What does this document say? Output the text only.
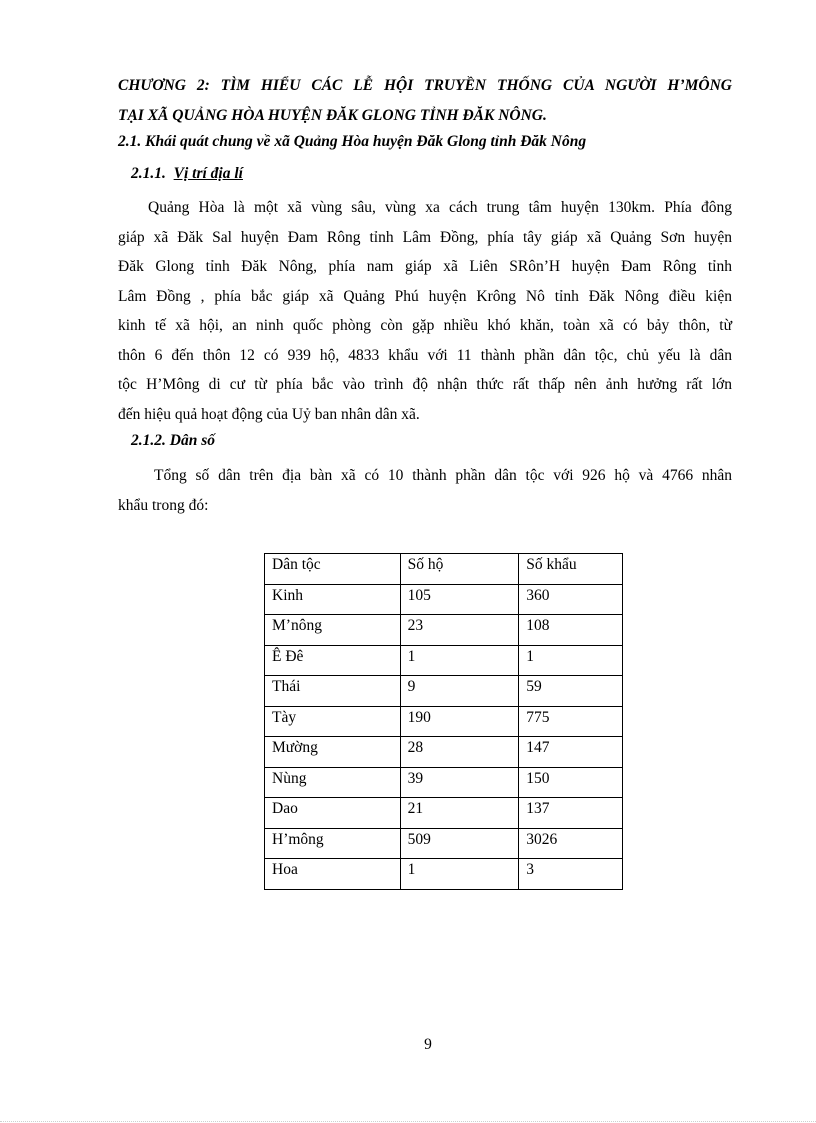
CHƯƠNG 2: TÌM HIỂU CÁC LỄ HỘI TRUYỀN THỐNG CỦA NGƯỜI H’MÔNG

TẠI XÃ QUẢNG HÒA HUYỆN ĐĂK GLONG TỈNH ĐĂK NÔNG.

2.1. Khái quát chung về xã Quảng Hòa huyện Đăk Glong tỉnh Đăk Nông

2.1.1. Vị trí địa lí

Quảng Hòa là một xã vùng sâu, vùng xa cách trung tâm huyện 130km. Phía đông
giáp xã Đăk Sal huyện Đam Rông tỉnh Lâm Đồng, phía tây giáp xã Quảng Sơn huyện
Đăk Glong tỉnh Đăk Nông, phía nam giáp xã Liên SRôn’H huyện Đam Rông tỉnh
Lâm Đồng , phía bắc giáp xã Quảng Phú huyện Krông Nô tỉnh Đăk Nông điều kiện
kinh tế xã hội, an ninh quốc phòng còn gặp nhiều khó khăn, toàn xã có bảy thôn, từ
thôn 6 đến thôn 12 có 939 hộ, 4833 khẩu với 11 thành phần dân tộc, chủ yếu là dân
tộc H’Mông di cư từ phía bắc vào trình độ nhận thức rất thấp nên ảnh hưởng rất lớn
đến hiệu quả hoạt động của Uỷ ban nhân dân xã.

2.1.2. Dân số

Tổng số dân trên địa bàn xã có 10 thành phần dân tộc với 926 hộ và 4766 nhân
khẩu trong đó:
Dân tộc	Số hộ	Số khẩu
Kinh	105	360
M’nông	23	108
Ê Đê	1	1
Thái	9	59
Tày	190	775
Mường	28	147
Nùng	39	150
Dao	21	137
H’mông	509	3026
Hoa	1	3

9
